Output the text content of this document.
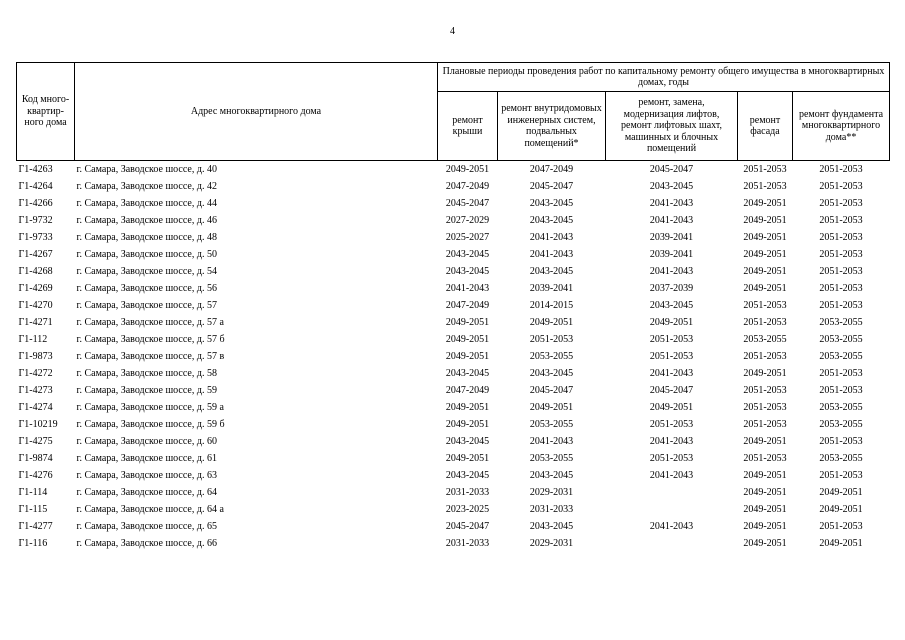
4
Код много-квартир-ного дома	Адрес многоквартирного дома	Плановые периоды проведения работ по капитальному ремонту общего имущества в многоквартирных домах, годы				
		ремонт крыши	ремонт внутридомовых инженерных систем, подвальных помещений*	ремонт, замена, модернизация лифтов, ремонт лифтовых шахт, машинных и блочных помещений	ремонт фасада	ремонт фундамента многоквартирного дома**
Г1-4263	г. Самара, Заводское шоссе, д. 40	2049-2051	2047-2049	2045-2047	2051-2053	2051-2053
Г1-4264	г. Самара, Заводское шоссе, д. 42	2047-2049	2045-2047	2043-2045	2051-2053	2051-2053
Г1-4266	г. Самара, Заводское шоссе, д. 44	2045-2047	2043-2045	2041-2043	2049-2051	2051-2053
Г1-9732	г. Самара, Заводское шоссе, д. 46	2027-2029	2043-2045	2041-2043	2049-2051	2051-2053
Г1-9733	г. Самара, Заводское шоссе, д. 48	2025-2027	2041-2043	2039-2041	2049-2051	2051-2053
Г1-4267	г. Самара, Заводское шоссе, д. 50	2043-2045	2041-2043	2039-2041	2049-2051	2051-2053
Г1-4268	г. Самара, Заводское шоссе, д. 54	2043-2045	2043-2045	2041-2043	2049-2051	2051-2053
Г1-4269	г. Самара, Заводское шоссе, д. 56	2041-2043	2039-2041	2037-2039	2049-2051	2051-2053
Г1-4270	г. Самара, Заводское шоссе, д. 57	2047-2049	2014-2015	2043-2045	2051-2053	2051-2053
Г1-4271	г. Самара, Заводское шоссе, д. 57 а	2049-2051	2049-2051	2049-2051	2051-2053	2053-2055
Г1-112	г. Самара, Заводское шоссе, д. 57 б	2049-2051	2051-2053	2051-2053	2053-2055	2053-2055
Г1-9873	г. Самара, Заводское шоссе, д. 57 в	2049-2051	2053-2055	2051-2053	2051-2053	2053-2055
Г1-4272	г. Самара, Заводское шоссе, д. 58	2043-2045	2043-2045	2041-2043	2049-2051	2051-2053
Г1-4273	г. Самара, Заводское шоссе, д. 59	2047-2049	2045-2047	2045-2047	2051-2053	2051-2053
Г1-4274	г. Самара, Заводское шоссе, д. 59 а	2049-2051	2049-2051	2049-2051	2051-2053	2053-2055
Г1-10219	г. Самара, Заводское шоссе, д. 59 б	2049-2051	2053-2055	2051-2053	2051-2053	2053-2055
Г1-4275	г. Самара, Заводское шоссе, д. 60	2043-2045	2041-2043	2041-2043	2049-2051	2051-2053
Г1-9874	г. Самара, Заводское шоссе, д. 61	2049-2051	2053-2055	2051-2053	2051-2053	2053-2055
Г1-4276	г. Самара, Заводское шоссе, д. 63	2043-2045	2043-2045	2041-2043	2049-2051	2051-2053
Г1-114	г. Самара, Заводское шоссе, д. 64	2031-2033	2029-2031		2049-2051	2049-2051
Г1-115	г. Самара, Заводское шоссе, д. 64 а	2023-2025	2031-2033		2049-2051	2049-2051
Г1-4277	г. Самара, Заводское шоссе, д. 65	2045-2047	2043-2045	2041-2043	2049-2051	2051-2053
Г1-116	г. Самара, Заводское шоссе, д. 66	2031-2033	2029-2031		2049-2051	2049-2051
